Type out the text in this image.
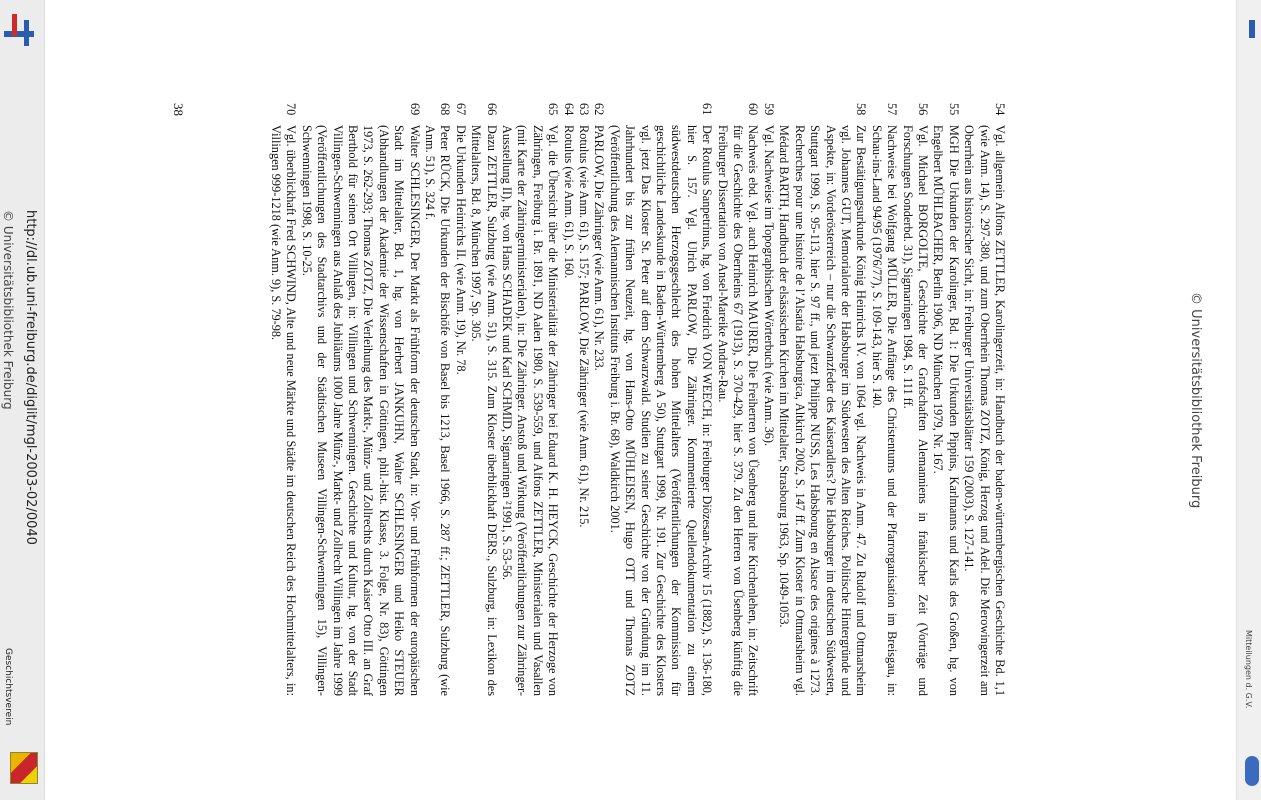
http://dl.ub.uni-freiburg.de/diglit/mgl-2003-02/0040
© Universitätsbibliothek Freiburg
Geschichtsverein	Mitteilungen d. G.V.
© Universitätsbibliothek Freiburg
54
Vgl. allgemein Alfons ZETTLER, Karolingerzeit, in: Handbuch der baden-württembergischen Geschichte Bd. 1,1 (wie Anm. 14), S. 297-380, und zum Oberrhein Thomas ZOTZ, König, Herzog und Adel. Die Merowingerzeit am Oberrhein aus historischer Sicht, in: Freiburger Universitätsblätter 159 (2003), S. 127-141.
55
MGH Die Urkunden der Karolinger, Bd. 1: Die Urkunden Pippins, Karlmanns und Karls des Großen, hg. von Engelbert MÜHLBACHER, Berlin 1906, ND München 1979, Nr. 167.
56
Vgl. Michael BORGOLTE, Geschichte der Grafschaften Alemanniens in fränkischer Zeit (Vorträge und Forschungen Sonderbd. 31), Sigmaringen 1984, S. 111 ff.
57
Nachweise bei Wolfgang MÜLLER, Die Anfänge des Christentums und der Pfarrorganisation im Breisgau, in: Schau-ins-Land 94/95 (1976/77), S. 109-143, hier S. 140.
58
Zur Bestätigungsurkunde König Heinrichs IV. von 1064 vgl. Nachweis in Anm. 47. Zu Rudolf und Ottmarsheim vgl. Johannes GUT, Memorialorte der Habsburger im Südwesten des Alten Reiches. Politische Hintergründe und Aspekte, in: Vorderösterreich – nur die Schwanzfeder des Kaiseradlers? Die Habsburger im deutschen Südwesten, Stuttgart 1999, S. 95-113, hier S. 97 ff., und jetzt Philippe NUSS, Les Habsbourg en Alsace des origines à 1273. Recherches pour une histoire de l’Alsatia Habsburgica, Altkirch 2002, S. 147 ff. Zum Kloster in Ottmarsheim vgl. Médard BARTH, Handbuch der elsässischen Kirchen im Mittelalter, Strasbourg 1963, Sp. 1049-1053.
59
Vgl. Nachweise im Topographischen Wörterbuch (wie Anm. 36).
60
Nachweis ebd. Vgl. auch Heinrich MAURER, Die Freiherren von Üsenberg und ihre Kirchenlehen, in: Zeitschrift für die Geschichte des Oberrheins 67 (1913), S. 370-429, hier S. 379. Zu den Herren von Üsenberg künftig die Freiburger Dissertation von Ansel-Mareike Andrae-Rau.
61
Der Rotulus Sanpetrinus, hg. von Friedrich VON WEECH, in: Freiburger Diözesan-Archiv 15 (1882), S. 136-180, hier S. 157. Vgl. Ulrich PARLOW, Die Zähringer. Kommentierte Quellendokumentation zu einem südwestdeutschen Herzogsgeschlecht des hohen Mittelalters (Veröffentlichungen der Kommission für geschichtliche Landeskunde in Baden-Württemberg A 50), Stuttgart 1999, Nr. 191. Zur Geschichte des Klosters vgl. jetzt Das Kloster St. Peter auf dem Schwarzwald. Studien zu seiner Geschichte von der Gründung im 11. Jahrhundert bis zur frühen Neuzeit, hg. von Hans-Otto MÜHLEISEN, Hugo OTT und Thomas ZOTZ (Veröffentlichung des Alemannischen Instituts Freiburg i. Br. 68), Waldkirch 2001.
62
PARLOW, Die Zähringer (wie Anm. 61), Nr. 233.
63
Rotulus (wie Anm. 61), S. 157; PARLOW, Die Zähringer (wie Anm. 61), Nr. 215.
64
Rotulus (wie Anm. 61), S. 160.
65
Vgl. die Übersicht über die Ministerialität der Zähringer bei Eduard K. H. HEYCK, Geschichte der Herzoge von Zähringen, Freiburg i. Br. 1891, ND Aalen 1980, S. 539-559, und Alfons ZETTLER, Ministerialen und Vasallen (mit Karte der Zähringerministerialen), in: Die Zähringer. Anstoß und Wirkung (Veröffentlichungen zur Zähringer-Ausstellung II), hg. von Hans SCHADEK und Karl SCHMID, Sigmaringen ²1991, S. 53-56.
66
Dazu ZETTLER, Sulzburg (wie Anm. 51), S. 315. Zum Kloster überblickhaft DERS., Sulzburg, in: Lexikon des Mittelalters, Bd. 8, München 1997, Sp. 305.
67
Die Urkunden Heinrichs II. (wie Anm. 19), Nr. 78.
68
Peter RÜCK, Die Urkunden der Bischöfe von Basel bis 1213, Basel 1966, S. 287 ff.; ZETTLER, Sulzburg (wie Anm. 51), S. 324 f.
69
Walter SCHLESINGER, Der Markt als Frühform der deutschen Stadt, in: Vor- und Frühformen der europäischen Stadt im Mittelalter, Bd. 1, hg. von Herbert JANKUHN, Walter SCHLESINGER und Heiko STEUER (Abhandlungen der Akademie der Wissenschaften in Göttingen, phil.-hist. Klasse, 3. Folge, Nr. 83), Göttingen 1973, S. 262-293; Thomas ZOTZ, Die Verleihung des Markt-, Münz- und Zollrechts durch Kaiser Otto III. an Graf Berthold für seinen Ort Villingen, in: Villingen und Schwenningen. Geschichte und Kultur, hg. von der Stadt Villingen-Schwenningen aus Anlaß des Jubiläums 1000 Jahre Münz-, Markt- und Zollrecht Villingen im Jahre 1999 (Veröffentlichungen des Stadtarchivs und der Städtischen Museen Villingen-Schwenningen 15), Villingen-Schwenningen 1998, S. 10-25.
70
Vgl. überblickhaft Fred SCHWIND, Alte und neue Märkte und Städte im deutschen Reich des Hochmittelalters, in: Villingen 999-1218 (wie Anm. 9), S. 79-98.
38
